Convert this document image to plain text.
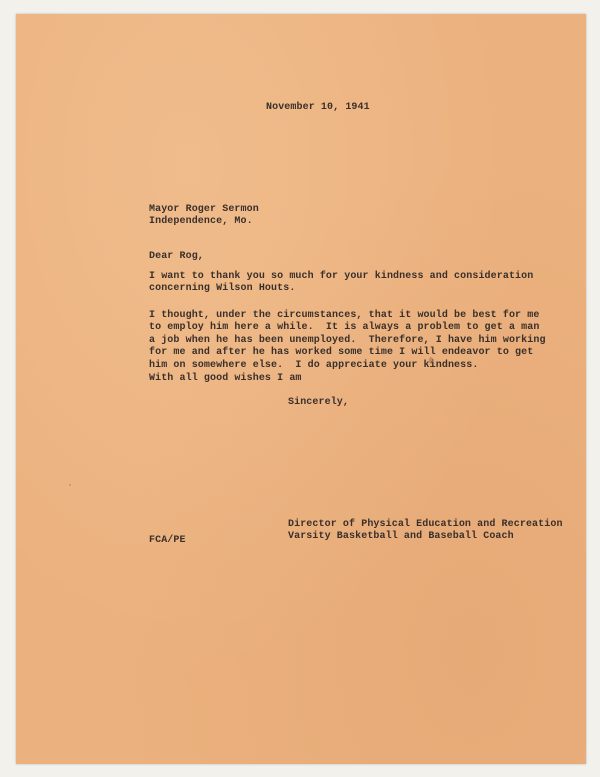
November 10, 1941
Mayor Roger Sermon
Independence, Mo.
Dear Rog,
I want to thank you so much for your kindness and consideration
concerning Wilson Houts.
I thought, under the circumstances, that it would be best for me
to employ him here a while.  It is always a problem to get a man
a job when he has been unemployed.  Therefore, I have him working
for me and after he has worked some time I will endeavor to get
him on somewhere else.  I do appreciate your kindness.
With all good wishes I am
Sincerely,
FCA/PE
Director of Physical Education and Recreation
Varsity Basketball and Baseball Coach
